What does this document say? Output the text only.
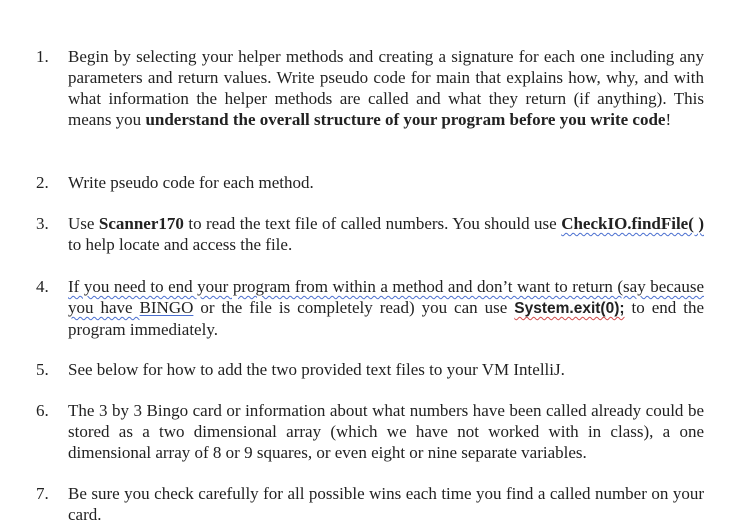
1. Begin by selecting your helper methods and creating a signature for each one including any parameters and return values. Write pseudo code for main that explains how, why, and with what information the helper methods are called and what they return (if anything). This means you understand the overall structure of your program before you write code!
2. Write pseudo code for each method.
3. Use Scanner170 to read the text file of called numbers. You should use CheckIO.findFile( ) to help locate and access the file.
4. If you need to end your program from within a method and don’t want to return (say because you have BINGO or the file is completely read) you can use System.exit(0); to end the program immediately.
5. See below for how to add the two provided text files to your VM IntelliJ.
6. The 3 by 3 Bingo card or information about what numbers have been called already could be stored as a two dimensional array (which we have not worked with in class), a one dimensional array of 8 or 9 squares, or even eight or nine separate variables.
7. Be sure you check carefully for all possible wins each time you find a called number on your card.
